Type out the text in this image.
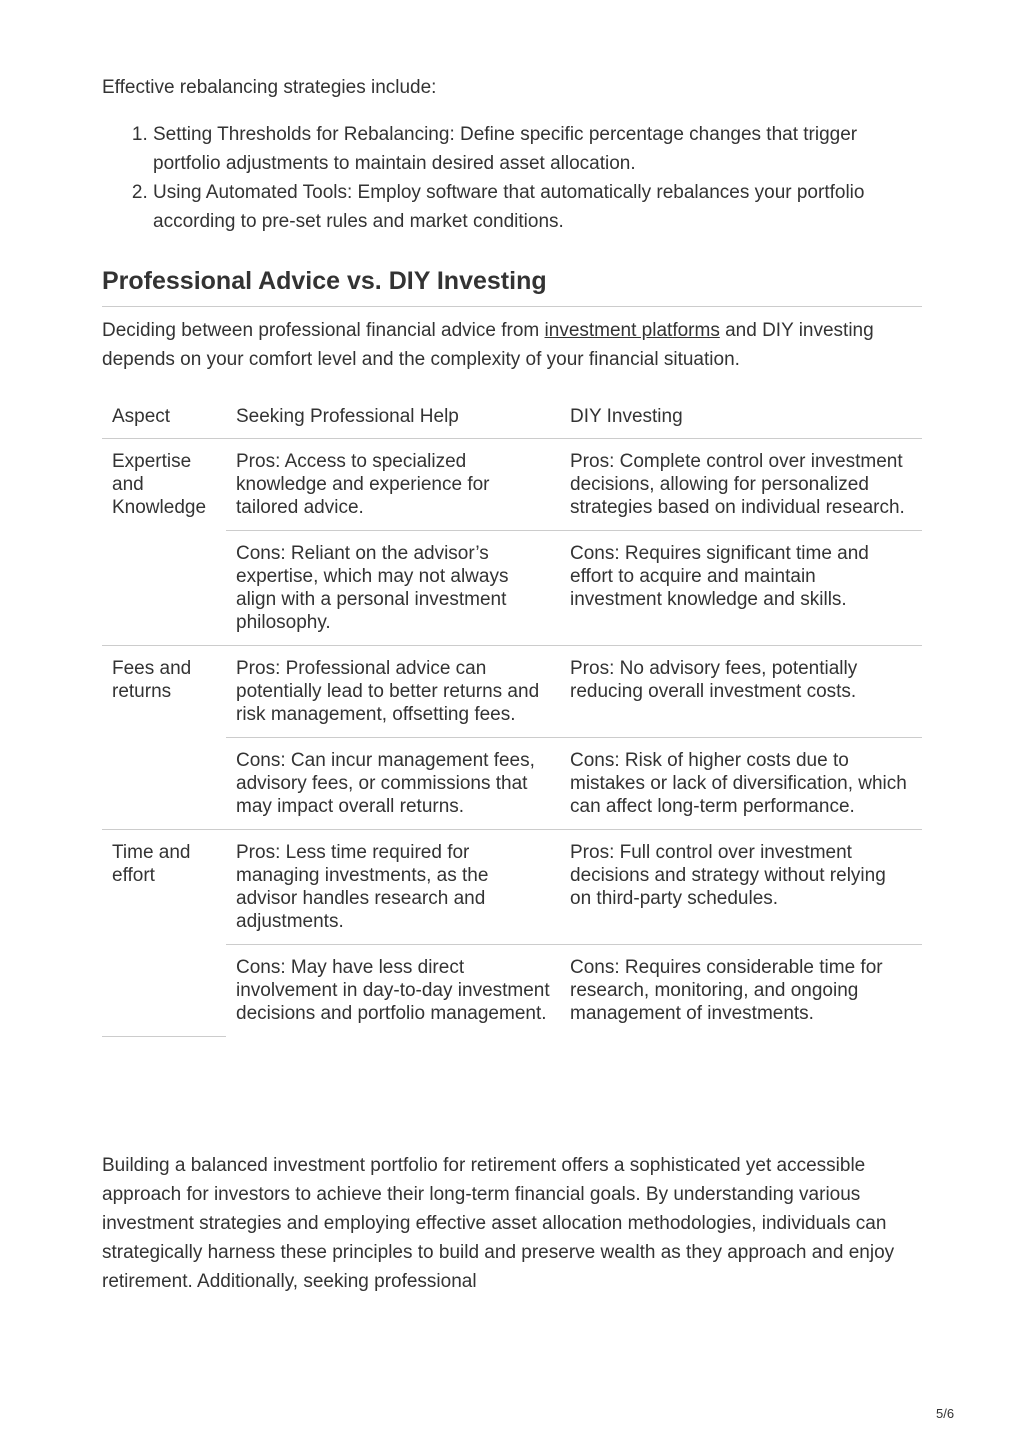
Effective rebalancing strategies include:

1. Setting Thresholds for Rebalancing: Define specific percentage changes that trigger portfolio adjustments to maintain desired asset allocation.
2. Using Automated Tools: Employ software that automatically rebalances your portfolio according to pre-set rules and market conditions.
Professional Advice vs. DIY Investing

Deciding between professional financial advice from investment platforms and DIY investing depends on your comfort level and the complexity of your financial situation.

Aspect	Seeking Professional Help	DIY Investing
Expertise and Knowledge	Pros: Access to specialized knowledge and experience for tailored advice.	Pros: Complete control over investment decisions, allowing for personalized strategies based on individual research.
	Cons: Reliant on the advisor’s expertise, which may not always align with a personal investment philosophy.	Cons: Requires significant time and effort to acquire and maintain investment knowledge and skills.
Fees and returns	Pros: Professional advice can potentially lead to better returns and risk management, offsetting fees.	Pros: No advisory fees, potentially reducing overall investment costs.
	Cons: Can incur management fees, advisory fees, or commissions that may impact overall returns.	Cons: Risk of higher costs due to mistakes or lack of diversification, which can affect long-term performance.
Time and effort	Pros: Less time required for managing investments, as the advisor handles research and adjustments.	Pros: Full control over investment decisions and strategy without relying on third-party schedules.
	Cons: May have less direct involvement in day-to-day investment decisions and portfolio management.	Cons: Requires considerable time for research, monitoring, and ongoing management of investments.

Building a balanced investment portfolio for retirement offers a sophisticated yet accessible approach for investors to achieve their long-term financial goals. By understanding various investment strategies and employing effective asset allocation methodologies, individuals can strategically harness these principles to build and preserve wealth as they approach and enjoy retirement. Additionally, seeking professional

5/6
